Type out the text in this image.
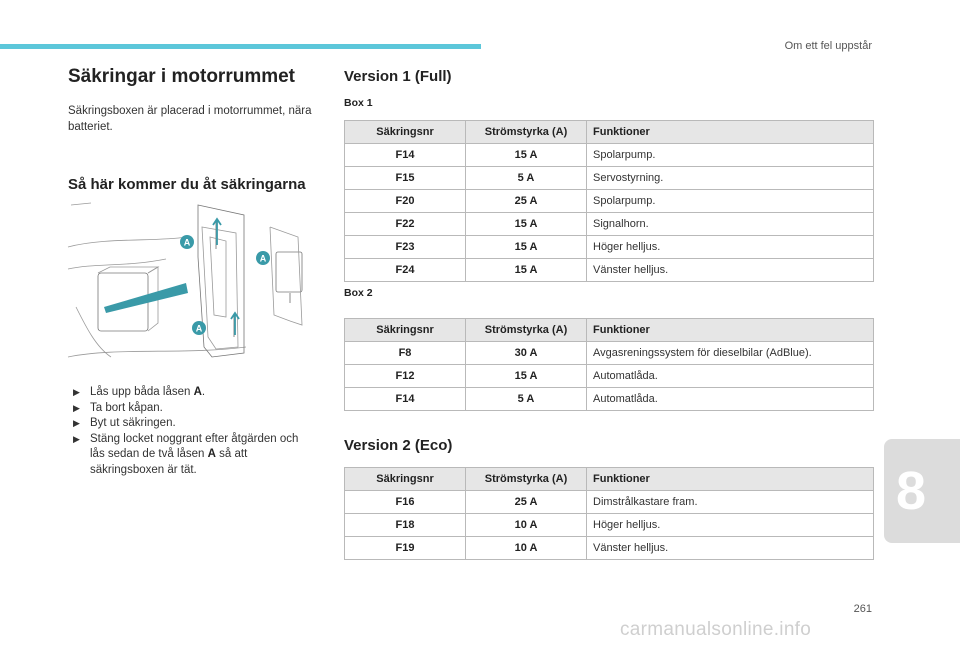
Om ett fel uppstår
8
Säkringar i motorrummet
Säkringsboxen är placerad i motorrummet, nära batteriet.
Så här kommer du åt säkringarna
A
A
A
▶ Lås upp båda låsen A.
▶ Ta bort kåpan.
▶ Byt ut säkringen.
▶ Stäng locket noggrant efter åtgärden och lås sedan de två låsen A så att säkringsboxen är tät.
Version 1 (Full)
Box 1
Säkringsnr	Strömstyrka (A)	Funktioner
F14	15 A	Spolarpump.
F15	5 A	Servostyrning.
F20	25 A	Spolarpump.
F22	15 A	Signalhorn.
F23	15 A	Höger helljus.
F24	15 A	Vänster helljus.
Box 2
Säkringsnr	Strömstyrka (A)	Funktioner
F8	30 A	Avgasreningssystem för dieselbilar (AdBlue).
F12	15 A	Automatlåda.
F14	5 A	Automatlåda.
Version 2 (Eco)
Säkringsnr	Strömstyrka (A)	Funktioner
F16	25 A	Dimstrålkastare fram.
F18	10 A	Höger helljus.
F19	10 A	Vänster helljus.
261
carmanualsonline.info
